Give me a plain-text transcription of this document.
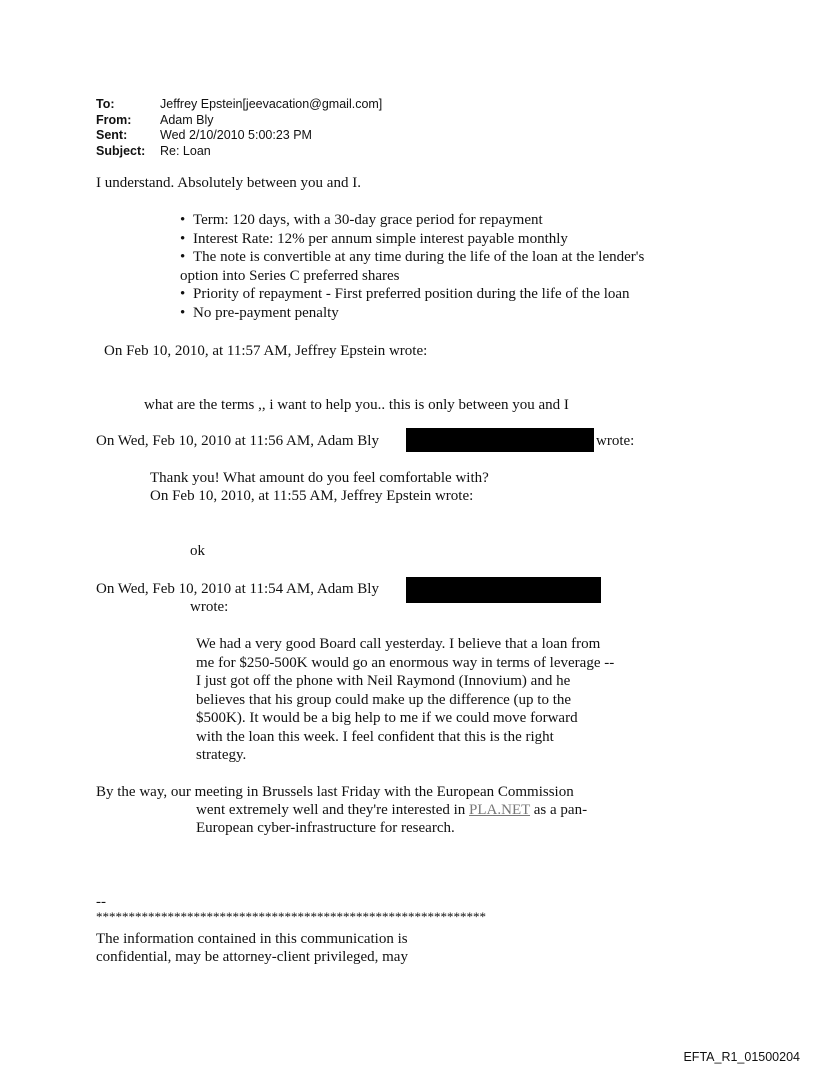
To:	Jeffrey Epstein[jeevacation@gmail.com]
From:	Adam Bly
Sent:	Wed 2/10/2010 5:00:23 PM
Subject:	Re: Loan
I understand. Absolutely between you and I.
• Term: 120 days, with a 30-day grace period for repayment
• Interest Rate: 12% per annum simple interest payable monthly
• The note is convertible at any time during the life of the loan at the lender's
option into Series C preferred shares
• Priority of repayment - First preferred position during the life of the loan
• No pre-payment penalty
On Feb 10, 2010, at 11:57 AM, Jeffrey Epstein wrote:
what are the terms ,, i want to help you.. this is only between you and I
On Wed, Feb 10, 2010 at 11:56 AM, Adam Bly	wrote:
Thank you! What amount do you feel comfortable with?
On Feb 10, 2010, at 11:55 AM, Jeffrey Epstein wrote:
ok
On Wed, Feb 10, 2010 at 11:54 AM, Adam Bly
wrote:
We had a very good Board call yesterday. I believe that a loan from
me for $250-500K would go an enormous way in terms of leverage --
I just got off the phone with Neil Raymond (Innovium) and he
believes that his group could make up the difference (up to the
$500K). It would be a big help to me if we could move forward
with the loan this week. I feel confident that this is the right
strategy.
By the way, our meeting in Brussels last Friday with the European Commission
went extremely well and they're interested in PLA.NET as a pan-
European cyber-infrastructure for research.
--
************************************************************
The information contained in this communication is
confidential, may be attorney-client privileged, may
EFTA_R1_01500204
